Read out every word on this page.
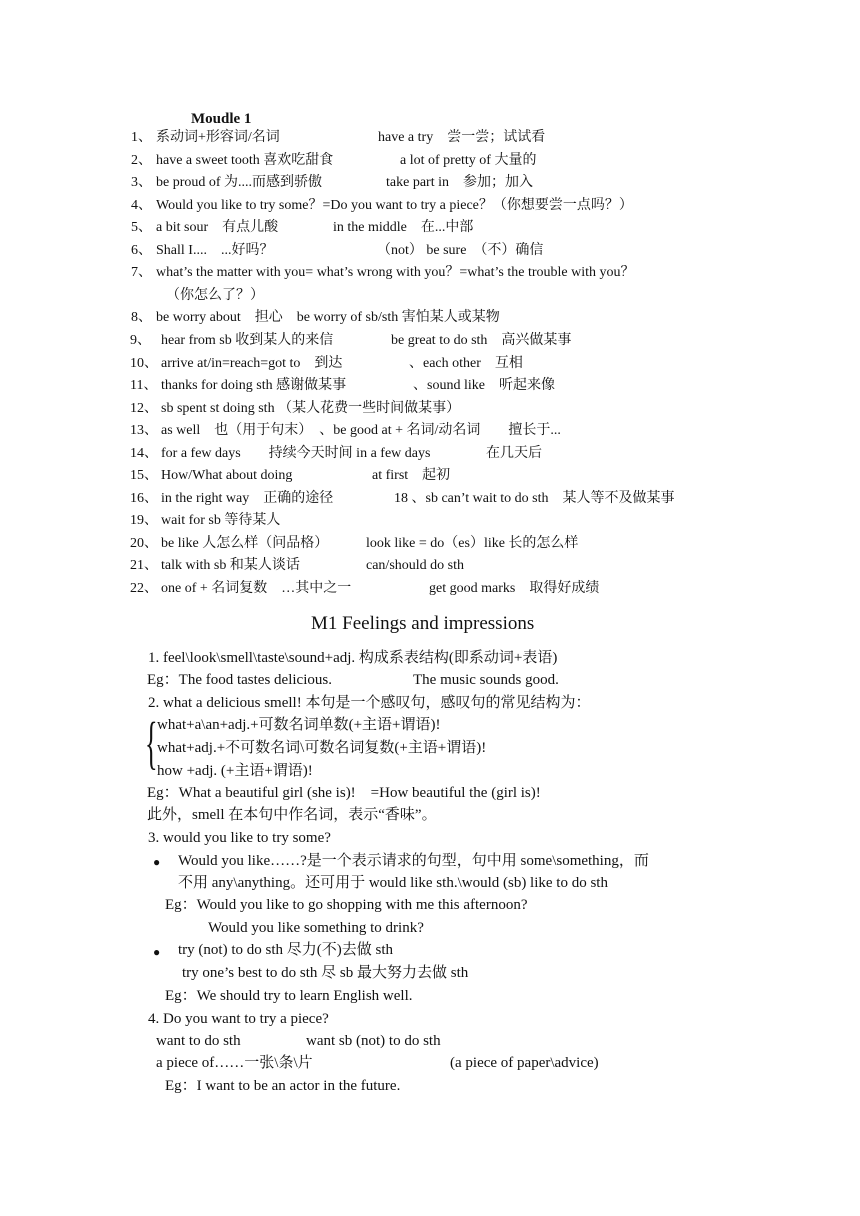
Moudle 1
1、 系动词+形容词/名词	have a try　尝一尝；试试看
2、 have a sweet tooth 喜欢吃甜食	a lot of pretty of 大量的
3、 be proud of 为....而感到骄傲	take part in　参加；加入
4、 Would you like to try some？=Do you want to try a piece？（你想要尝一点吗？）
5、 a bit sour　有点儿酸	in the middle　在...中部
6、 Shall I....　...好吗？	（not） be sure　（不）确信
7、 what’s the matter with you= what’s wrong with you？=what’s the trouble with you？
（你怎么了？）
8、 be worry about　担心　be worry of sb/sth 害怕某人或某物
9、 hear from sb 收到某人的来信	be great to do sth　高兴做某事
10、 arrive at/in=reach=got to　到达	、each other　互相
11、 thanks for doing sth 感谢做某事	、sound like　听起来像
12、 sb spent st doing sth （某人花费一些时间做某事）
13、 as well　也（用于句末）　、be good at + 名词/动名词　　擅长于...
14、 for a few days　　持续今天时间 in a few days	在几天后
15、 How/What about doing	at first　起初
16、 in the right way　正确的途径	18 、sb can’t wait to do sth　某人等不及做某事
19、 wait for sb 等待某人
20、 be like 人怎么样（问品格）	look like = do（es）like 长的怎么样
21、 talk with sb 和某人谈话	can/should do sth
22、 one of + 名词复数　…其中之一	get good marks　取得好成绩
M1 Feelings and impressions
1. feel\look\smell\taste\sound+adj. 构成系表结构(即系动词+表语)
Eg：The food tastes delicious.	The music sounds good.
2. what a delicious smell! 本句是一个感叹句，感叹句的常见结构为：
{ what+a\an+adj.+可数名词单数(+主语+谓语)!
what+adj.+不可数名词\可数名词复数(+主语+谓语)!
how +adj. (+主语+谓语)!
Eg：What a beautiful girl (she is)!　=How beautiful the (girl is)!
此外，smell 在本句中作名词，表示“香味”。
3. would you like to try some?
● Would you like……?是一个表示请求的句型，句中用 some\something，而
不用 any\anything。还可用于 would like sth.\would (sb) like to do sth
Eg：Would you like to go shopping with me this afternoon?
Would you like something to drink?
● try (not) to do sth 尽力(不)去做 sth
try one’s best to do sth 尽 sb 最大努力去做 sth
Eg：We should try to learn English well.
4. Do you want to try a piece?
want to do sth	want sb (not) to do sth
a piece of……一张\条\片	(a piece of paper\advice)
Eg：I want to be an actor in the future.
